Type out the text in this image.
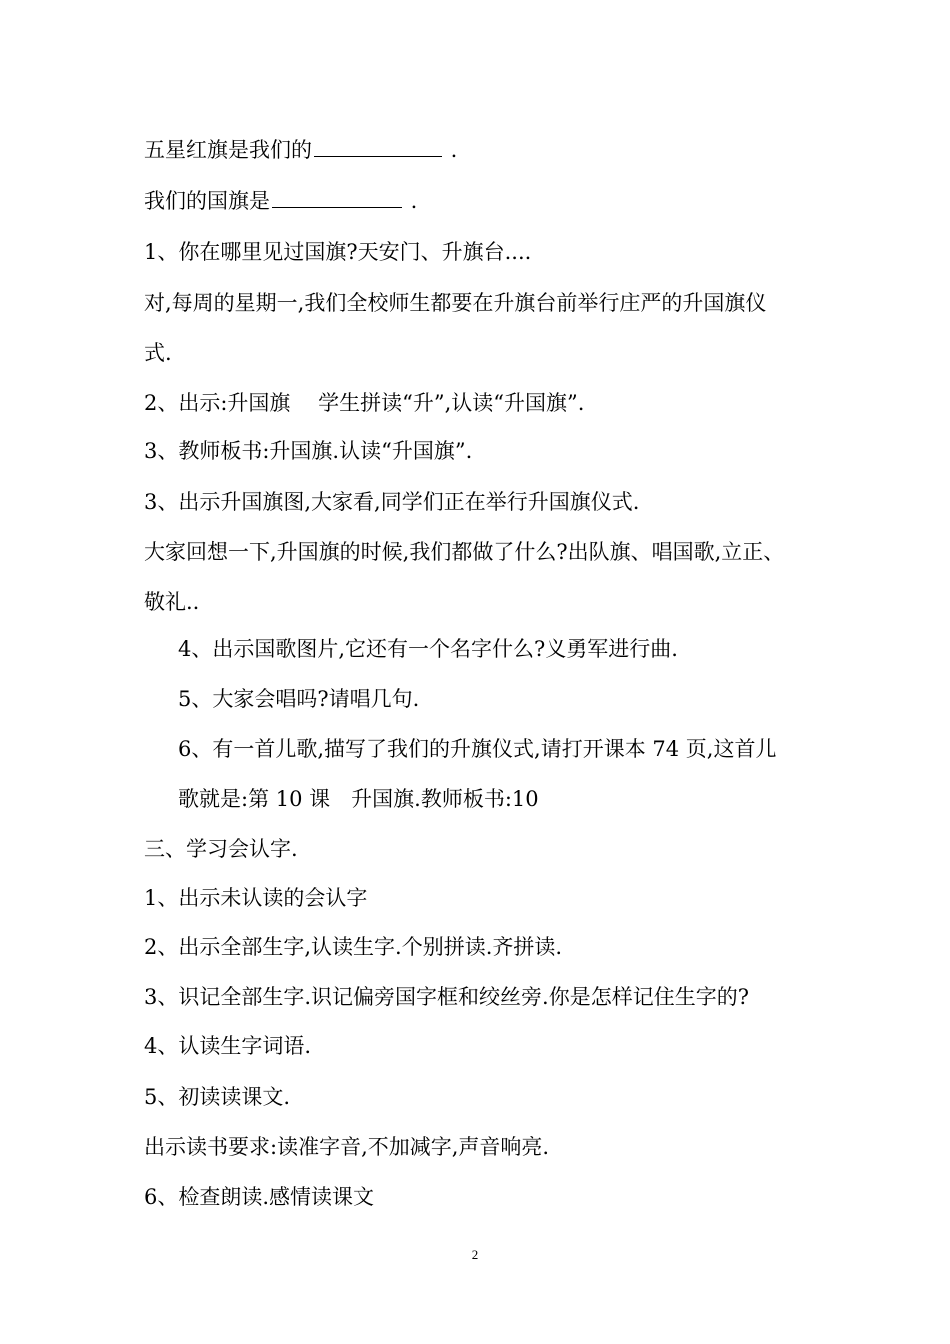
五星红旗是我们的	.
我们的国旗是	.
1、你在哪里见过国旗?天安门、升旗台....
对,每周的星期一,我们全校师生都要在升旗台前举行庄严的升国旗仪
式.
2、出示:升国旗　 学生拼读“升”,认读“升国旗”.
3、教师板书:升国旗.认读“升国旗”.
3、出示升国旗图,大家看,同学们正在举行升国旗仪式.
大家回想一下,升国旗的时候,我们都做了什么?出队旗、唱国歌,立正、
敬礼..
4、出示国歌图片,它还有一个名字什么?义勇军进行曲.
5、大家会唱吗?请唱几句.
6、有一首儿歌,描写了我们的升旗仪式,请打开课本 74 页,这首儿
歌就是:第 10 课　升国旗.教师板书:10
三、学习会认字.
1、出示未认读的会认字
2、出示全部生字,认读生字.个别拼读.齐拼读.
3、识记全部生字.识记偏旁国字框和绞丝旁.你是怎样记住生字的?
4、认读生字词语.
5、初读读课文.
出示读书要求:读准字音,不加减字,声音响亮.
6、检查朗读.感情读课文
2
